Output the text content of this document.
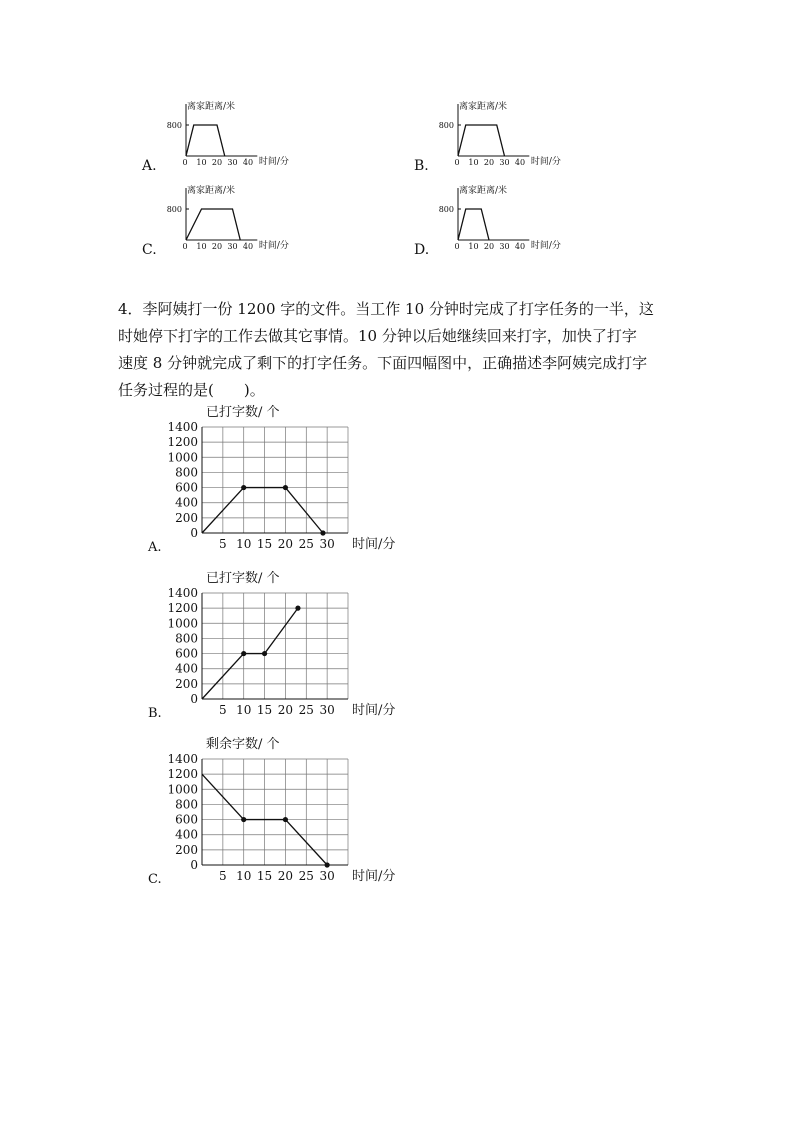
离家距离/米
时间/分
800
0 10 20 30 40
A.
离家距离/米
时间/分
800
0 10 20 30 40
B.
离家距离/米
时间/分
800
0 10 20 30 40
C.
离家距离/米
时间/分
800
0 10 20 30 40
D.
4．李阿姨打一份 1200 字的文件。当工作 10 分钟时完成了打字任务的一半，这
时她停下打字的工作去做其它事情。10 分钟以后她继续回来打字，加快了打字
速度 8 分钟就完成了剩下的打字任务。下面四幅图中，正确描述李阿姨完成打字
任务过程的是(　　)。
已打字数/ 个
时间/分
A.
0
200
400
600
800
1000
1200
1400
5 10 15 20 25 30
已打字数/ 个
时间/分
B.
0
200
400
600
800
1000
1200
1400
5 10 15 20 25 30
剩余字数/ 个
时间/分
C.
0
200
400
600
800
1000
1200
1400
5 10 15 20 25 30
